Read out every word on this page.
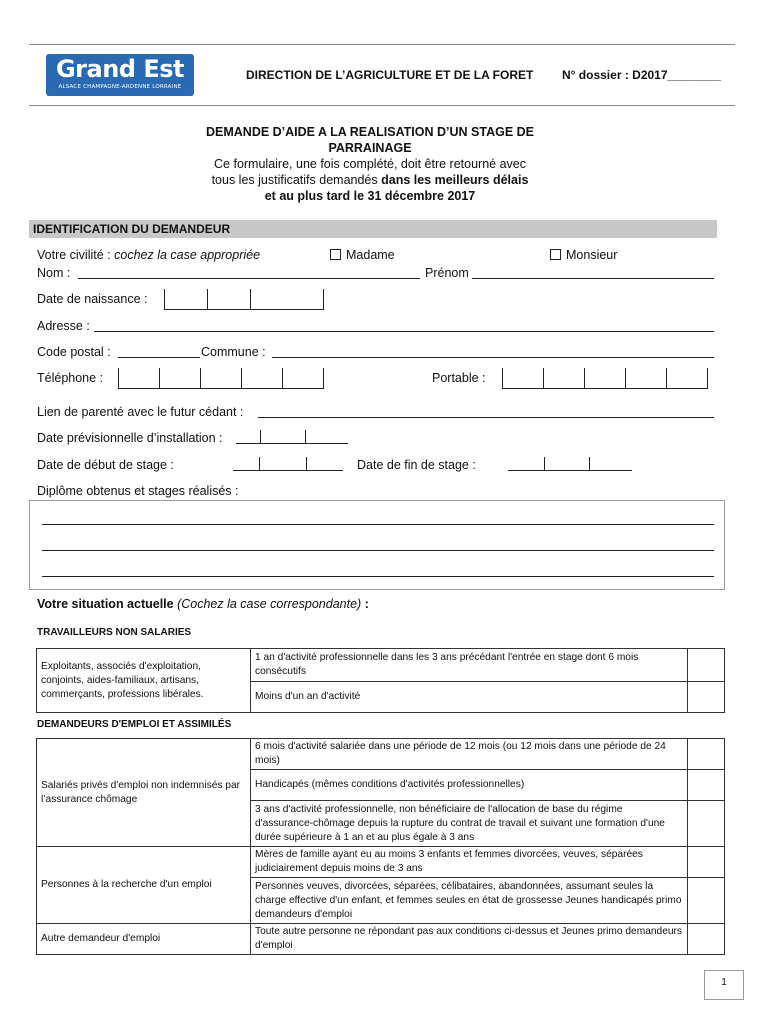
Grand Est
ALSACE CHAMPAGNE-ARDENNE LORRAINE
DIRECTION DE L’AGRICULTURE ET DE LA FORET N° dossier : D2017________
DEMANDE D’AIDE A LA REALISATION D’UN STAGE DE
PARRAINAGE
Ce formulaire, une fois complété, doit être retourné avec
tous les justificatifs demandés dans les meilleurs délais
et au plus tard le 31 décembre 2017
IDENTIFICATION DU DEMANDEUR
Votre civilité : cochez la case appropriée	Madame	Monsieur
Nom :	Prénom
Date de naissance :
Adresse :
Code postal :	Commune :
Téléphone :	Portable :
Lien de parenté avec le futur cédant :
Date prévisionnelle d’installation :
Date de début de stage :	Date de fin de stage :
Diplôme obtenus et stages réalisés :
Votre situation actuelle (Cochez la case correspondante) :
TRAVAILLEURS NON SALARIES
Exploitants, associés d'exploitation, conjoints, aides-familiaux, artisans, commerçants, professions libérales.	1 an d'activité professionnelle dans les 3 ans précédant l'entrée en stage dont 6 mois consécutifs	
	Moins d'un an d'activité	
DEMANDEURS D'EMPLOI ET ASSIMILÉS
Salariés privés d'emploi non indemnisés par l’assurance chômage	6 mois d'activité salariée dans une période de 12 mois (ou 12 mois dans une période de 24 mois)	
	Handicapés (mêmes conditions d'activités professionnelles)	
	3 ans d'activité professionnelle, non bénéficiaire de l'allocation de base du régime d'assurance-chômage depuis la rupture du contrat de travail et suivant une formation d'une durée supérieure à 1 an et au plus égale à 3 ans	
Personnes à la recherche d'un emploi	Mères de famille ayant eu au moins 3 enfants et femmes divorcées, veuves, séparées judiciairement depuis moins de 3 ans	
	Personnes veuves, divorcées, séparées, célibataires, abandonnées, assumant seules la charge effective d'un enfant, et femmes seules en état de grossesse Jeunes handicapés primo demandeurs d'emploi	
Autre demandeur d'emploi	Toute autre personne ne répondant pas aux conditions ci-dessus et Jeunes primo demandeurs d'emploi	
1
